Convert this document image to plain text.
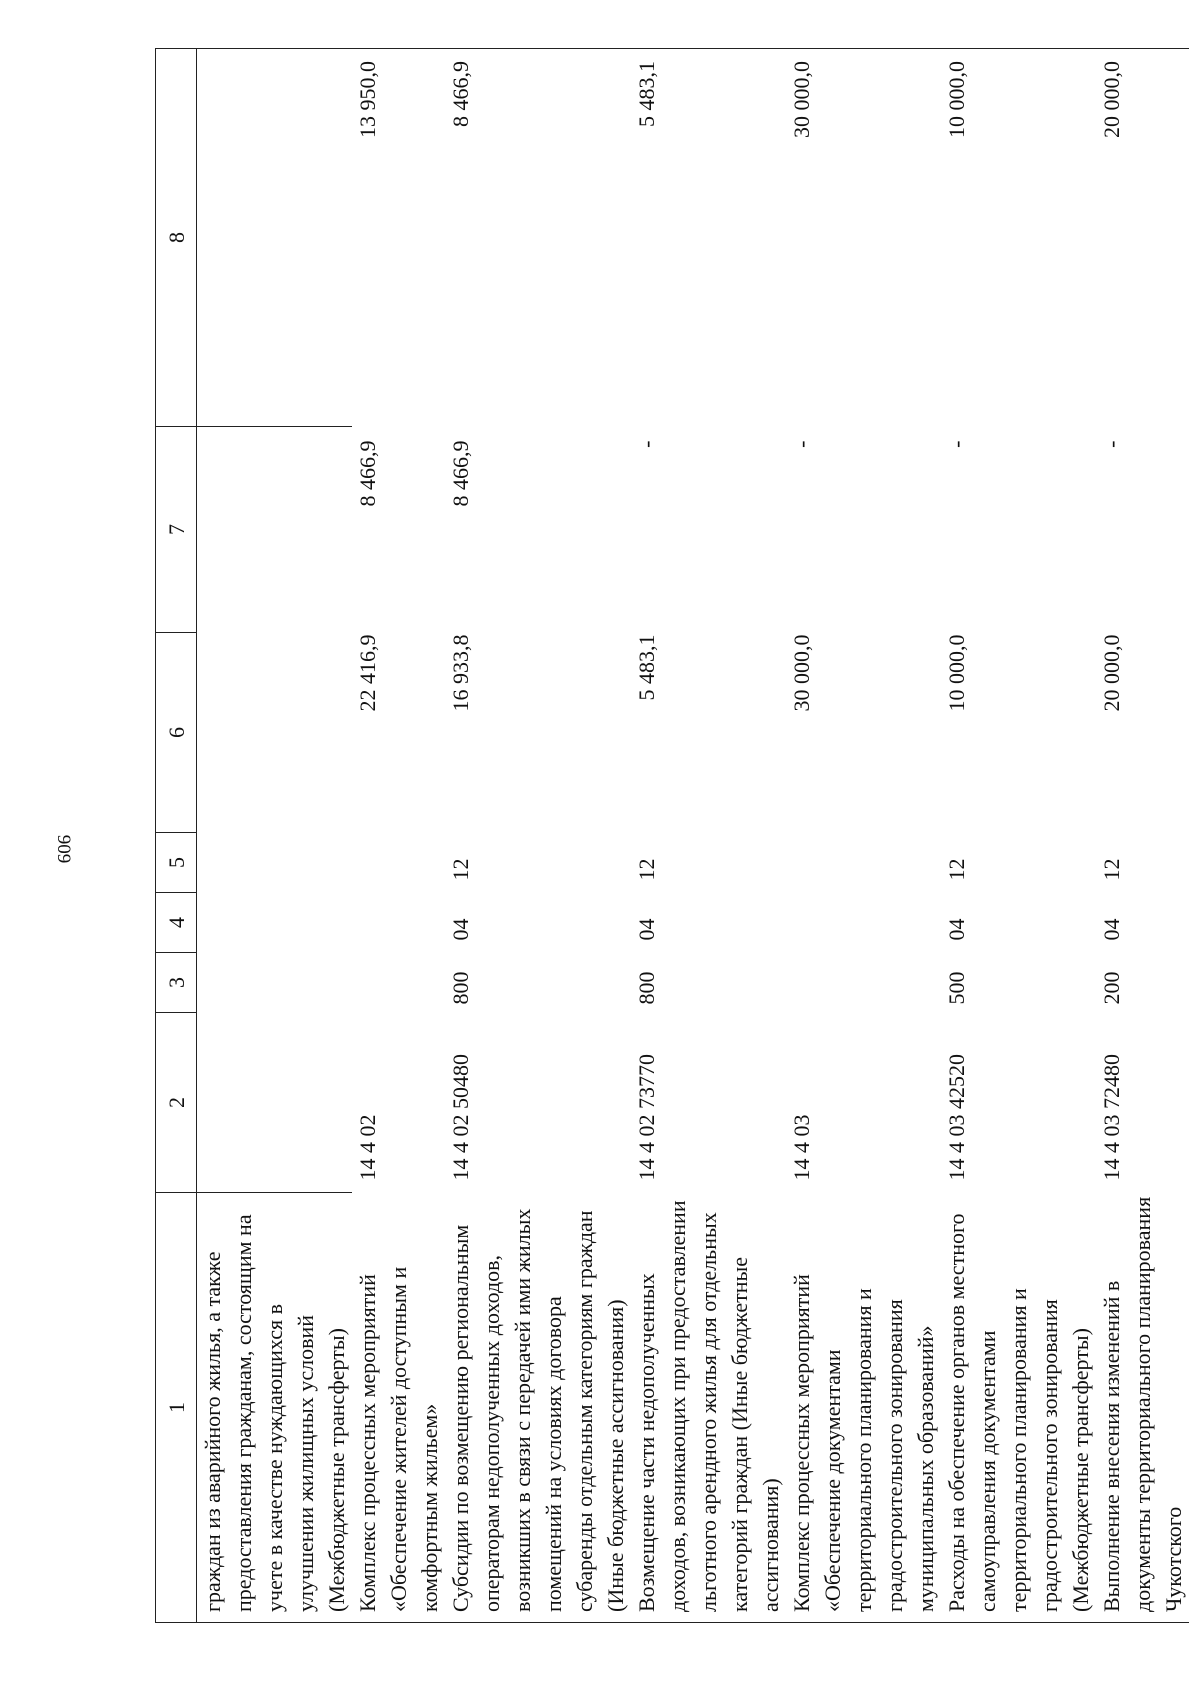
909
1	2	3	4	5	6	7	8
граждан из аварийного жилья, а также предоставления гражданам, состоящим на учете в качестве нуждающихся в улучшении жилищных условий (Межбюджетные трансферты)							
Комплекс процессных мероприятий «Обеспечение жителей доступным и комфортным жильем»	14 4 02				22 416,9	8 466,9	13 950,0
Субсидии по возмещению региональным операторам недополученных доходов, возникших в связи с передачей ими жилых помещений на условиях договора субаренды отдельным категориям граждан (Иные бюджетные ассигнования)	14 4 02 50480	800	04	12	16 933,8	8 466,9	8 466,9
Возмещение части недополученных доходов, возникающих при предоставлении льготного арендного жилья для отдельных категорий граждан (Иные бюджетные ассигнования)	14 4 02 73770	800	04	12	5 483,1	-	5 483,1
Комплекс процессных мероприятий «Обеспечение документами территориального планирования и градостроительного зонирования муниципальных образований»	14 4 03				30 000,0	-	30 000,0
Расходы на обеспечение органов местного самоуправления документами территориального планирования и градостроительного зонирования (Межбюджетные трансферты)	14 4 03 42520	500	04	12	10 000,0	-	10 000,0
Выполнение внесения изменений в документы территориального планирования Чукотского	14 4 03 72480	200	04	12	20 000,0	-	20 000,0
